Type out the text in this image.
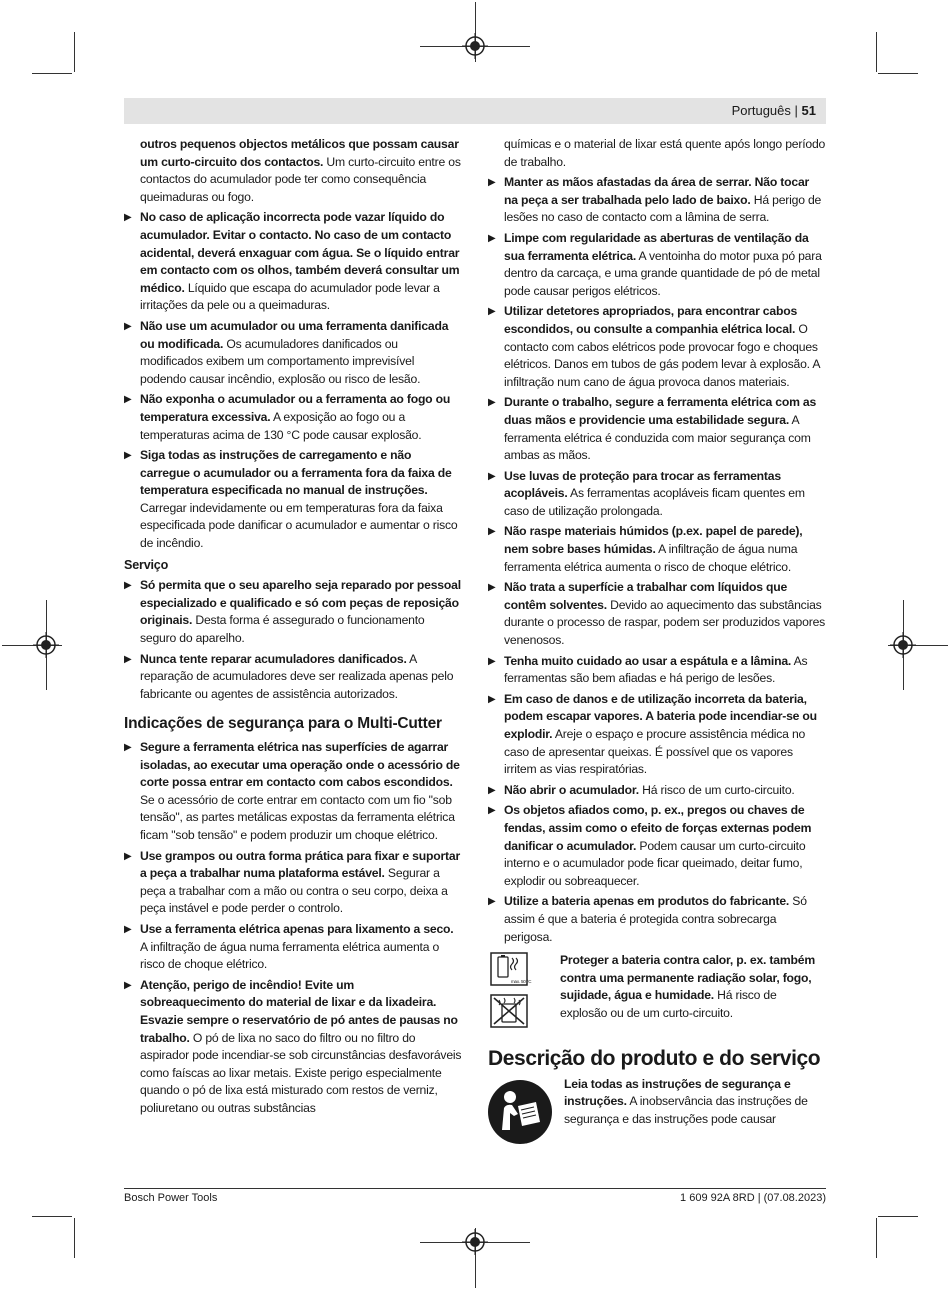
Português | 51
outros pequenos objectos metálicos que possam causar um curto-circuito dos contactos. Um curto-circuito entre os contactos do acumulador pode ter como consequência queimaduras ou fogo.
▶ No caso de aplicação incorrecta pode vazar líquido do acumulador. Evitar o contacto. No caso de um contacto acidental, deverá enxaguar com água. Se o líquido entrar em contacto com os olhos, também deverá consultar um médico. Líquido que escapa do acumulador pode levar a irritações da pele ou a queimaduras.
▶ Não use um acumulador ou uma ferramenta danificada ou modificada. Os acumuladores danificados ou modificados exibem um comportamento imprevisível podendo causar incêndio, explosão ou risco de lesão.
▶ Não exponha o acumulador ou a ferramenta ao fogo ou temperatura excessiva. A exposição ao fogo ou a temperaturas acima de 130 °C pode causar explosão.
▶ Siga todas as instruções de carregamento e não carregue o acumulador ou a ferramenta fora da faixa de temperatura especificada no manual de instruções. Carregar indevidamente ou em temperaturas fora da faixa especificada pode danificar o acumulador e aumentar o risco de incêndio.
Serviço
▶ Só permita que o seu aparelho seja reparado por pessoal especializado e qualificado e só com peças de reposição originais. Desta forma é assegurado o funcionamento seguro do aparelho.
▶ Nunca tente reparar acumuladores danificados. A reparação de acumuladores deve ser realizada apenas pelo fabricante ou agentes de assistência autorizados.
Indicações de segurança para o Multi-Cutter
▶ Segure a ferramenta elétrica nas superfícies de agarrar isoladas, ao executar uma operação onde o acessório de corte possa entrar em contacto com cabos escondidos. Se o acessório de corte entrar em contacto com um fio "sob tensão", as partes metálicas expostas da ferramenta elétrica ficam "sob tensão" e podem produzir um choque elétrico.
▶ Use grampos ou outra forma prática para fixar e suportar a peça a trabalhar numa plataforma estável. Segurar a peça a trabalhar com a mão ou contra o seu corpo, deixa a peça instável e pode perder o controlo.
▶ Use a ferramenta elétrica apenas para lixamento a seco. A infiltração de água numa ferramenta elétrica aumenta o risco de choque elétrico.
▶ Atenção, perigo de incêndio! Evite um sobreaquecimento do material de lixar e da lixadeira. Esvazie sempre o reservatório de pó antes de pausas no trabalho. O pó de lixa no saco do filtro ou no filtro do aspirador pode incendiar-se sob circunstâncias desfavoráveis como faíscas ao lixar metais. Existe perigo especialmente quando o pó de lixa está misturado com restos de verniz, poliuretano ou outras substâncias
químicas e o material de lixar está quente após longo período de trabalho.
▶ Manter as mãos afastadas da área de serrar. Não tocar na peça a ser trabalhada pelo lado de baixo. Há perigo de lesões no caso de contacto com a lâmina de serra.
▶ Limpe com regularidade as aberturas de ventilação da sua ferramenta elétrica. A ventoinha do motor puxa pó para dentro da carcaça, e uma grande quantidade de pó de metal pode causar perigos elétricos.
▶ Utilizar detetores apropriados, para encontrar cabos escondidos, ou consulte a companhia elétrica local. O contacto com cabos elétricos pode provocar fogo e choques elétricos. Danos em tubos de gás podem levar à explosão. A infiltração num cano de água provoca danos materiais.
▶ Durante o trabalho, segure a ferramenta elétrica com as duas mãos e providencie uma estabilidade segura. A ferramenta elétrica é conduzida com maior segurança com ambas as mãos.
▶ Use luvas de proteção para trocar as ferramentas acopláveis. As ferramentas acopláveis ficam quentes em caso de utilização prolongada.
▶ Não raspe materiais húmidos (p.ex. papel de parede), nem sobre bases húmidas. A infiltração de água numa ferramenta elétrica aumenta o risco de choque elétrico.
▶ Não trata a superfície a trabalhar com líquidos que contêm solventes. Devido ao aquecimento das substâncias durante o processo de raspar, podem ser produzidos vapores venenosos.
▶ Tenha muito cuidado ao usar a espátula e a lâmina. As ferramentas são bem afiadas e há perigo de lesões.
▶ Em caso de danos e de utilização incorreta da bateria, podem escapar vapores. A bateria pode incendiar-se ou explodir. Areje o espaço e procure assistência médica no caso de apresentar queixas. É possível que os vapores irritem as vias respiratórias.
▶ Não abrir o acumulador. Há risco de um curto-circuito.
▶ Os objetos afiados como, p. ex., pregos ou chaves de fendas, assim como o efeito de forças externas podem danificar o acumulador. Podem causar um curto-circuito interno e o acumulador pode ficar queimado, deitar fumo, explodir ou sobreaquecer.
▶ Utilize a bateria apenas em produtos do fabricante. Só assim é que a bateria é protegida contra sobrecarga perigosa.
max. 50 °C

Proteger a bateria contra calor, p. ex. também contra uma permanente radiação solar, fogo, sujidade, água e humidade. Há risco de explosão ou de um curto-circuito.
Descrição do produto e do serviço
Leia todas as instruções de segurança e instruções. A inobservância das instruções de segurança e das instruções pode causar
Bosch Power Tools	1 609 92A 8RD | (07.08.2023)
